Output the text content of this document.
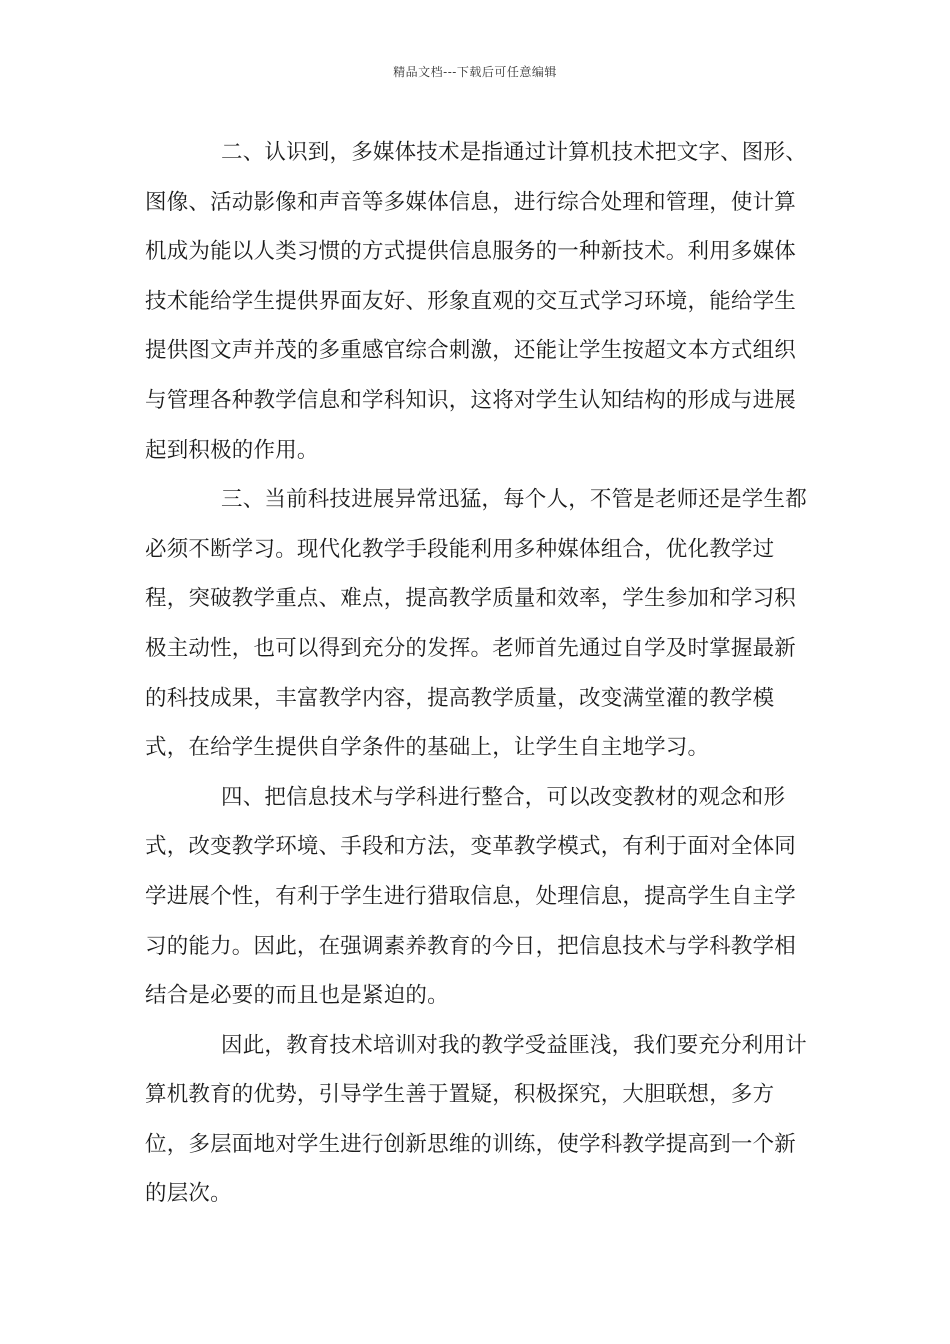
精品文档---下载后可任意编辑

二、认识到，多媒体技术是指通过计算机技术把文字、图形、图像、活动影像和声音等多媒体信息，进行综合处理和管理，使计算机成为能以人类习惯的方式提供信息服务的一种新技术。利用多媒体技术能给学生提供界面友好、形象直观的交互式学习环境，能给学生提供图文声并茂的多重感官综合刺激，还能让学生按超文本方式组织与管理各种教学信息和学科知识，这将对学生认知结构的形成与进展起到积极的作用。

三、当前科技进展异常迅猛，每个人，不管是老师还是学生都必须不断学习。现代化教学手段能利用多种媒体组合，优化教学过程，突破教学重点、难点，提高教学质量和效率，学生参加和学习积极主动性，也可以得到充分的发挥。老师首先通过自学及时掌握最新的科技成果，丰富教学内容，提高教学质量，改变满堂灌的教学模式，在给学生提供自学条件的基础上，让学生自主地学习。

四、把信息技术与学科进行整合，可以改变教材的观念和形式，改变教学环境、手段和方法，变革教学模式，有利于面对全体同学进展个性，有利于学生进行猎取信息，处理信息，提高学生自主学习的能力。因此，在强调素养教育的今日，把信息技术与学科教学相结合是必要的而且也是紧迫的。

因此，教育技术培训对我的教学受益匪浅，我们要充分利用计算机教育的优势，引导学生善于置疑，积极探究，大胆联想，多方位，多层面地对学生进行创新思维的训练，使学科教学提高到一个新的层次。
